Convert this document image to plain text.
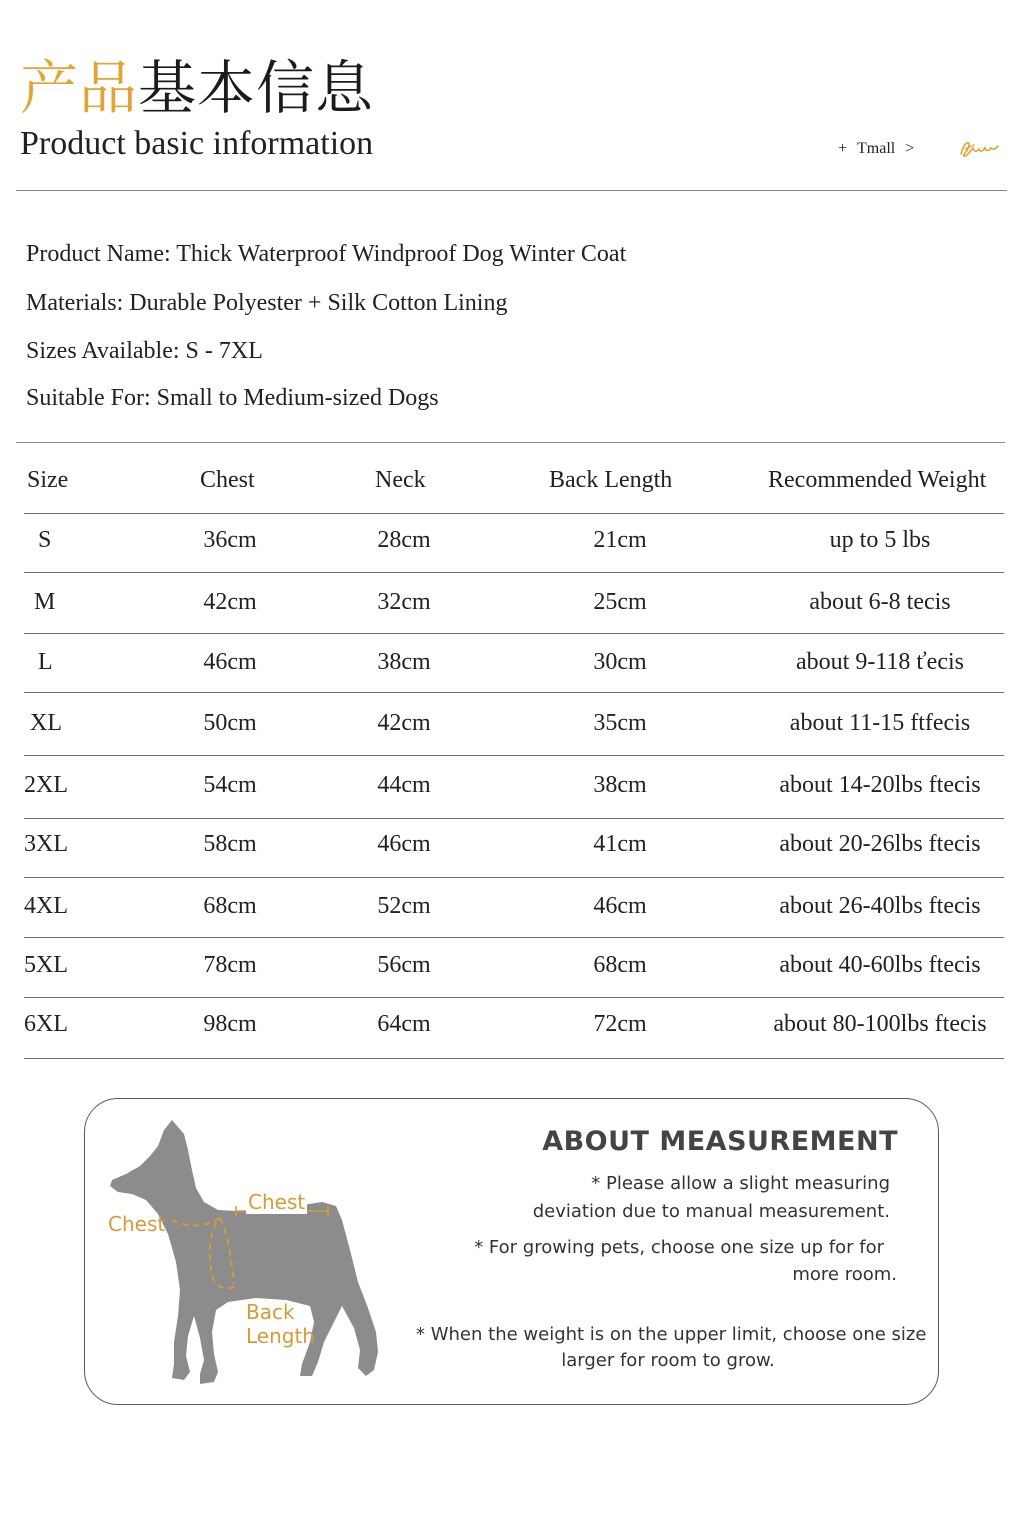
产品基本信息
Product basic information	+ Tmall >
Product Name: Thick Waterproof Windproof Dog Winter Coat
Materials: Durable Polyester + Silk Cotton Lining
Sizes Available: S - 7XL
Suitable For: Small to Medium-sized Dogs
Size	Chest	Neck	Back Length	Recommended Weight
S	36cm	28cm	21cm	up to 5 lbs
M	42cm	32cm	25cm	about 6-8 tecis
L	46cm	38cm	30cm	about 9-118 ťecis
XL	50cm	42cm	35cm	about 11-15 ftfecis
2XL	54cm	44cm	38cm	about 14-20lbs ftecis
3XL	58cm	46cm	41cm	about 20-26lbs ftecis
4XL	68cm	52cm	46cm	about 26-40lbs ftecis
5XL	78cm	56cm	68cm	about 40-60lbs ftecis
6XL	98cm	64cm	72cm	about 80-100lbs ftecis
Chest
Chest
Back
Length
ABOUT MEASUREMENT
* Please allow a slight measuring
deviation due to manual measurement.
* For growing pets, choose one size up for for
more room.
* When the weight is on the upper limit, choose one size
larger for room to grow.
